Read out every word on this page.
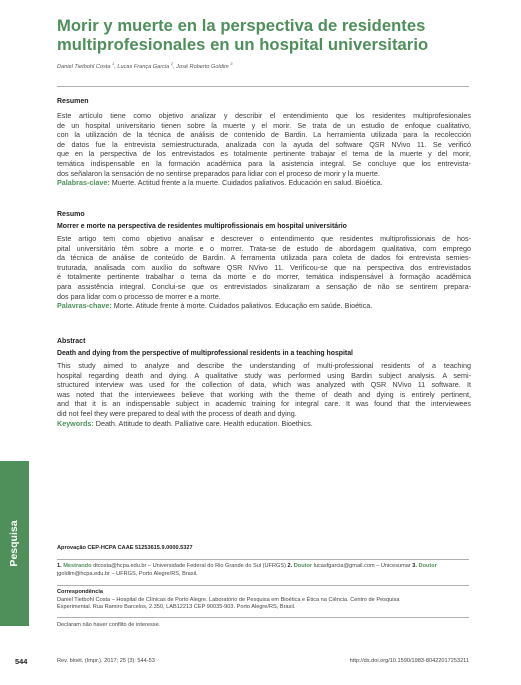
Morir y muerte en la perspectiva de residentes
multiprofesionales en un hospital universitario
Daniel Tietbohl Costa $^1$, Lucas França Garcia $^2$, José Roberto Goldim $^3$

Resumen

Este artículo tiene como objetivo analizar y describir el entendimiento que los residentes multiprofesionales
de un hospital universitario tienen sobre la muerte y el morir. Se trata de un estudio de enfoque cualitativo,
con la utilización de la técnica de análisis de contenido de Bardin. La herramienta utilizada para la recolección
de datos fue la entrevista semiestructurada, analizada con la ayuda del software QSR NVivo 11. Se verificó
que en la perspectiva de los entrevistados es totalmente pertinente trabajar el tema de la muerte y del morir,
temática indispensable en la formación académica para la asistencia integral. Se concluye que los entrevista-
dos señalaron la sensación de no sentirse preparados para lidiar con el proceso de morir y la muerte.
Palabras-clave: Muerte. Actitud frente a la muerte. Cuidados paliativos. Educación en salud. Bioética.

Resumo

Morrer e morte na perspectiva de residentes multiprofissionais em hospital universitário

Este artigo tem como objetivo analisar e descrever o entendimento que residentes multiprofissionais de hos-
pital universitário têm sobre a morte e o morrer. Trata-se de estudo de abordagem qualitativa, com emprego
da técnica de análise de conteúdo de Bardin. A ferramenta utilizada para coleta de dados foi entrevista semies-
truturada, analisada com auxílio do software QSR NVivo 11. Verificou-se que na perspectiva dos entrevistados
é totalmente pertinente trabalhar o tema da morte e do morrer, temática indispensável à formação acadêmica
para assistência integral. Conclui-se que os entrevistados sinalizaram a sensação de não se sentirem prepara-
dos para lidar com o processo de morrer e a morte.
Palavras-chave: Morte. Atitude frente à morte. Cuidados paliativos. Educação em saúde. Bioética.

Abstract

Death and dying from the perspective of multiprofessional residents in a teaching hospital

This study aimed to analyze and describe the understanding of multi-professional residents of a teaching
hospital regarding death and dying. A qualitative study was performed using Bardin subject analysis. A semi-
structured interview was used for the collection of data, which was analyzed with QSR NVivo 11 software. It
was noted that the interviewees believe that working with the theme of death and dying is entirely pertinent,
and that it is an indispensable subject in academic training for integral care. It was found that the interviewees
did not feel they were prepared to deal with the process of death and dying.
Keywords: Death. Attitude to death. Palliative care. Health education. Bioethics.
Pesquisa	Aprovação CEP-HCPA CAAE 51253615.9.0000.5327
1. Mestrando dtcosta@hcpa.edu.br – Universidade Federal do Rio Grande do Sul (UFRGS) 2. Doutor lucasfgarcia@gmail.com – Unicesumar 3. Doutor jgoldim@hcpa.edu.br – UFRGS, Porto Alegre/RS, Brasil.
Correspondência
Daniel Tietbohl Costa – Hospital de Clínicas de Porto Alegre. Laboratório de Pesquisa em Bioética e Ética na Ciência. Centro de Pesquisa
Experimental. Rua Ramiro Barcelos, 2.350, LAB12213 CEP 90035-903. Porto Alegre/RS, Brasil.
Declaram não haver conflito de interesse.
544	Rev. bioét. (Impr.). 2017; 25 (3): 544-53	http://dx.doi.org/10.1590/1983-80422017253211
